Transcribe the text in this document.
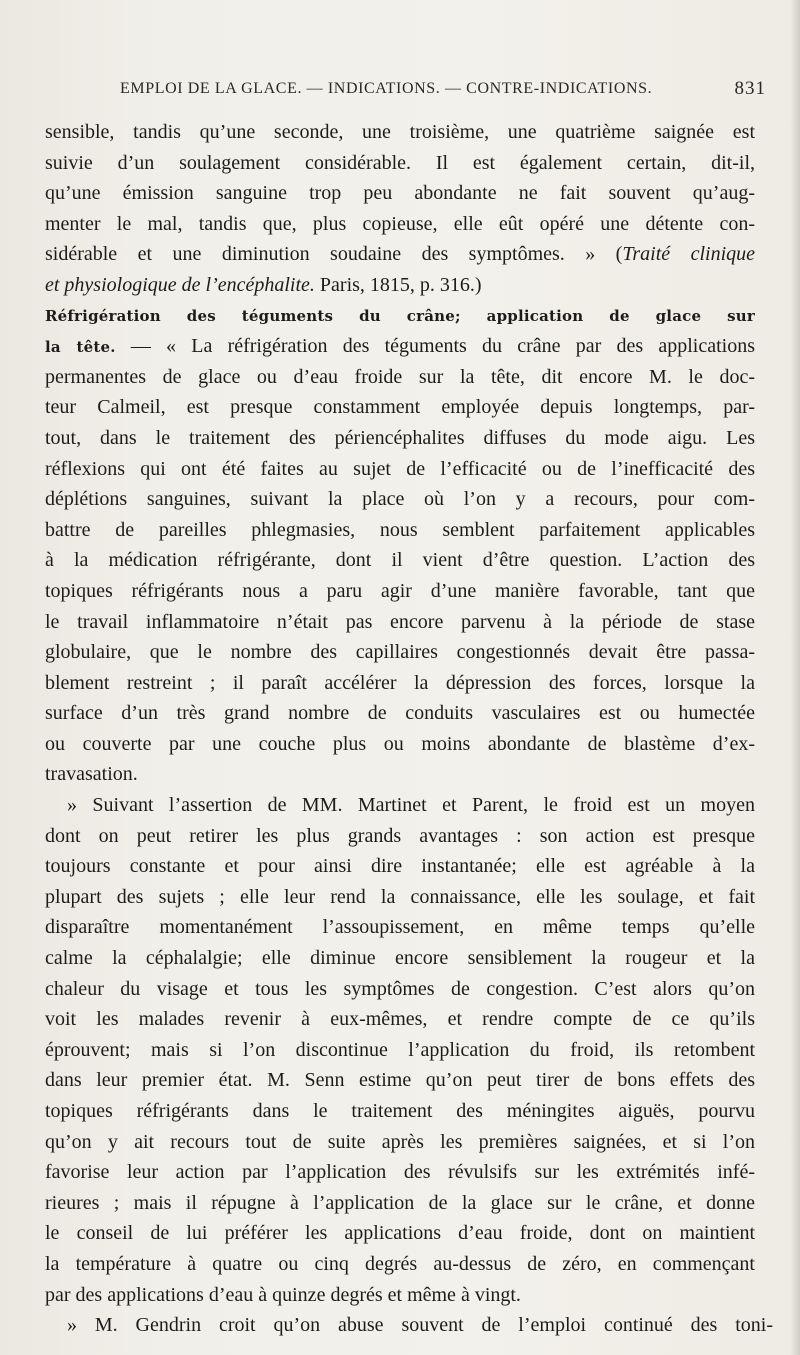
EMPLOI DE LA GLACE. — INDICATIONS. — CONTRE-INDICATIONS.	831
sensible, tandis qu’une seconde, une troisième, une quatrième saignée est
suivie d’un soulagement considérable. Il est également certain, dit-il,
qu’une émission sanguine trop peu abondante ne fait souvent qu’aug-
menter le mal, tandis que, plus copieuse, elle eût opéré une détente con-
sidérable et une diminution soudaine des symptômes. » (Traité clinique
et physiologique de l’encéphalite. Paris, 1815, p. 316.)
Réfrigération des téguments du crâne; application de glace sur
la tête. — « La réfrigération des téguments du crâne par des applications
permanentes de glace ou d’eau froide sur la tête, dit encore M. le doc-
teur Calmeil, est presque constamment employée depuis longtemps, par-
tout, dans le traitement des périencéphalites diffuses du mode aigu. Les
réflexions qui ont été faites au sujet de l’efficacité ou de l’inefficacité des
déplétions sanguines, suivant la place où l’on y a recours, pour com-
battre de pareilles phlegmasies, nous semblent parfaitement applicables
à la médication réfrigérante, dont il vient d’être question. L’action des
topiques réfrigérants nous a paru agir d’une manière favorable, tant que
le travail inflammatoire n’était pas encore parvenu à la période de stase
globulaire, que le nombre des capillaires congestionnés devait être passa-
blement restreint ; il paraît accélérer la dépression des forces, lorsque la
surface d’un très grand nombre de conduits vasculaires est ou humectée
ou couverte par une couche plus ou moins abondante de blastème d’ex-
travasation.
» Suivant l’assertion de MM. Martinet et Parent, le froid est un moyen
dont on peut retirer les plus grands avantages : son action est presque
toujours constante et pour ainsi dire instantanée; elle est agréable à la
plupart des sujets ; elle leur rend la connaissance, elle les soulage, et fait
disparaître momentanément l’assoupissement, en même temps qu’elle
calme la céphalalgie; elle diminue encore sensiblement la rougeur et la
chaleur du visage et tous les symptômes de congestion. C’est alors qu’on
voit les malades revenir à eux-mêmes, et rendre compte de ce qu’ils
éprouvent; mais si l’on discontinue l’application du froid, ils retombent
dans leur premier état. M. Senn estime qu’on peut tirer de bons effets des
topiques réfrigérants dans le traitement des méningites aiguës, pourvu
qu’on y ait recours tout de suite après les premières saignées, et si l’on
favorise leur action par l’application des révulsifs sur les extrémités infé-
rieures ; mais il répugne à l’application de la glace sur le crâne, et donne
le conseil de lui préférer les applications d’eau froide, dont on maintient
la température à quatre ou cinq degrés au-dessus de zéro, en commençant
par des applications d’eau à quinze degrés et même à vingt.
» M. Gendrin croit qu’on abuse souvent de l’emploi continué des toni-
